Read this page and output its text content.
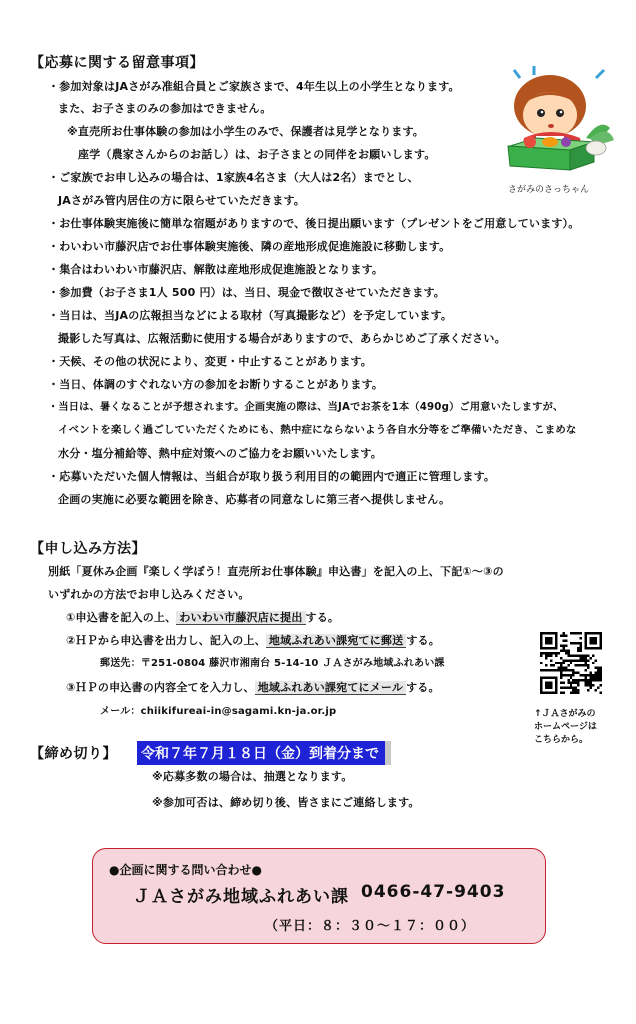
【応募に関する留意事項】
・参加対象はJAさがみ准組合員とご家族さまで、4年生以上の小学生となります。
また、お子さまのみの参加はできません。
※直売所お仕事体験の参加は小学生のみで、保護者は見学となります。
座学（農家さんからのお話し）は、お子さまとの同伴をお願いします。
・ご家族でお申し込みの場合は、1家族4名さま（大人は2名）までとし、
JAさがみ管内居住の方に限らせていただきます。
・お仕事体験実施後に簡単な宿題がありますので、後日提出願います（プレゼントをご用意しています）。
・わいわい市藤沢店でお仕事体験実施後、隣の産地形成促進施設に移動します。
・集合はわいわい市藤沢店、解散は産地形成促進施設となります。
・参加費（お子さま1人 500 円）は、当日、現金で徴収させていただきます。
・当日は、当JAの広報担当などによる取材（写真撮影など）を予定しています。
撮影した写真は、広報活動に使用する場合がありますので、あらかじめご了承ください。
・天候、その他の状況により、変更・中止することがあります。
・当日、体調のすぐれない方の参加をお断りすることがあります。
・当日は、暑くなることが予想されます。企画実施の際は、当JAでお茶を1本（490g）ご用意いたしますが、
イベントを楽しく過ごしていただくためにも、熱中症にならないよう各自水分等をご準備いただき、こまめな
水分・塩分補給等、熱中症対策へのご協力をお願いいたします。
・応募いただいた個人情報は、当組合が取り扱う利用目的の範囲内で適正に管理します。
企画の実施に必要な範囲を除き、応募者の同意なしに第三者へ提供しません。
さがみのさっちゃん
【申し込み方法】
別紙「夏休み企画『楽しく学ぼう！直売所お仕事体験』申込書」を記入の上、下記①～③の
いずれかの方法でお申し込みください。
①申込書を記入の上、 わいわい市藤沢店に提出 する。
②ＨＰから申込書を出力し、記入の上、 地域ふれあい課宛てに郵送 する。
郵送先：〒251-0804 藤沢市湘南台 5-14-10 ＪＡさがみ地域ふれあい課
③ＨＰの申込書の内容全てを入力し、 地域ふれあい課宛てにメール する。
メール：chiikifureai-in@sagami.kn-ja.or.jp	↑ＪＡさがみの
ホームページは
こちらから。
【締め切り】 令和７年７月１８日（金）到着分まで
※応募多数の場合は、抽選となります。
※参加可否は、締め切り後、皆さまにご連絡します。
●企画に関する問い合わせ●
ＪＡさがみ地域ふれあい課 0466-47-9403
（平日：８：３０～１７：００）
